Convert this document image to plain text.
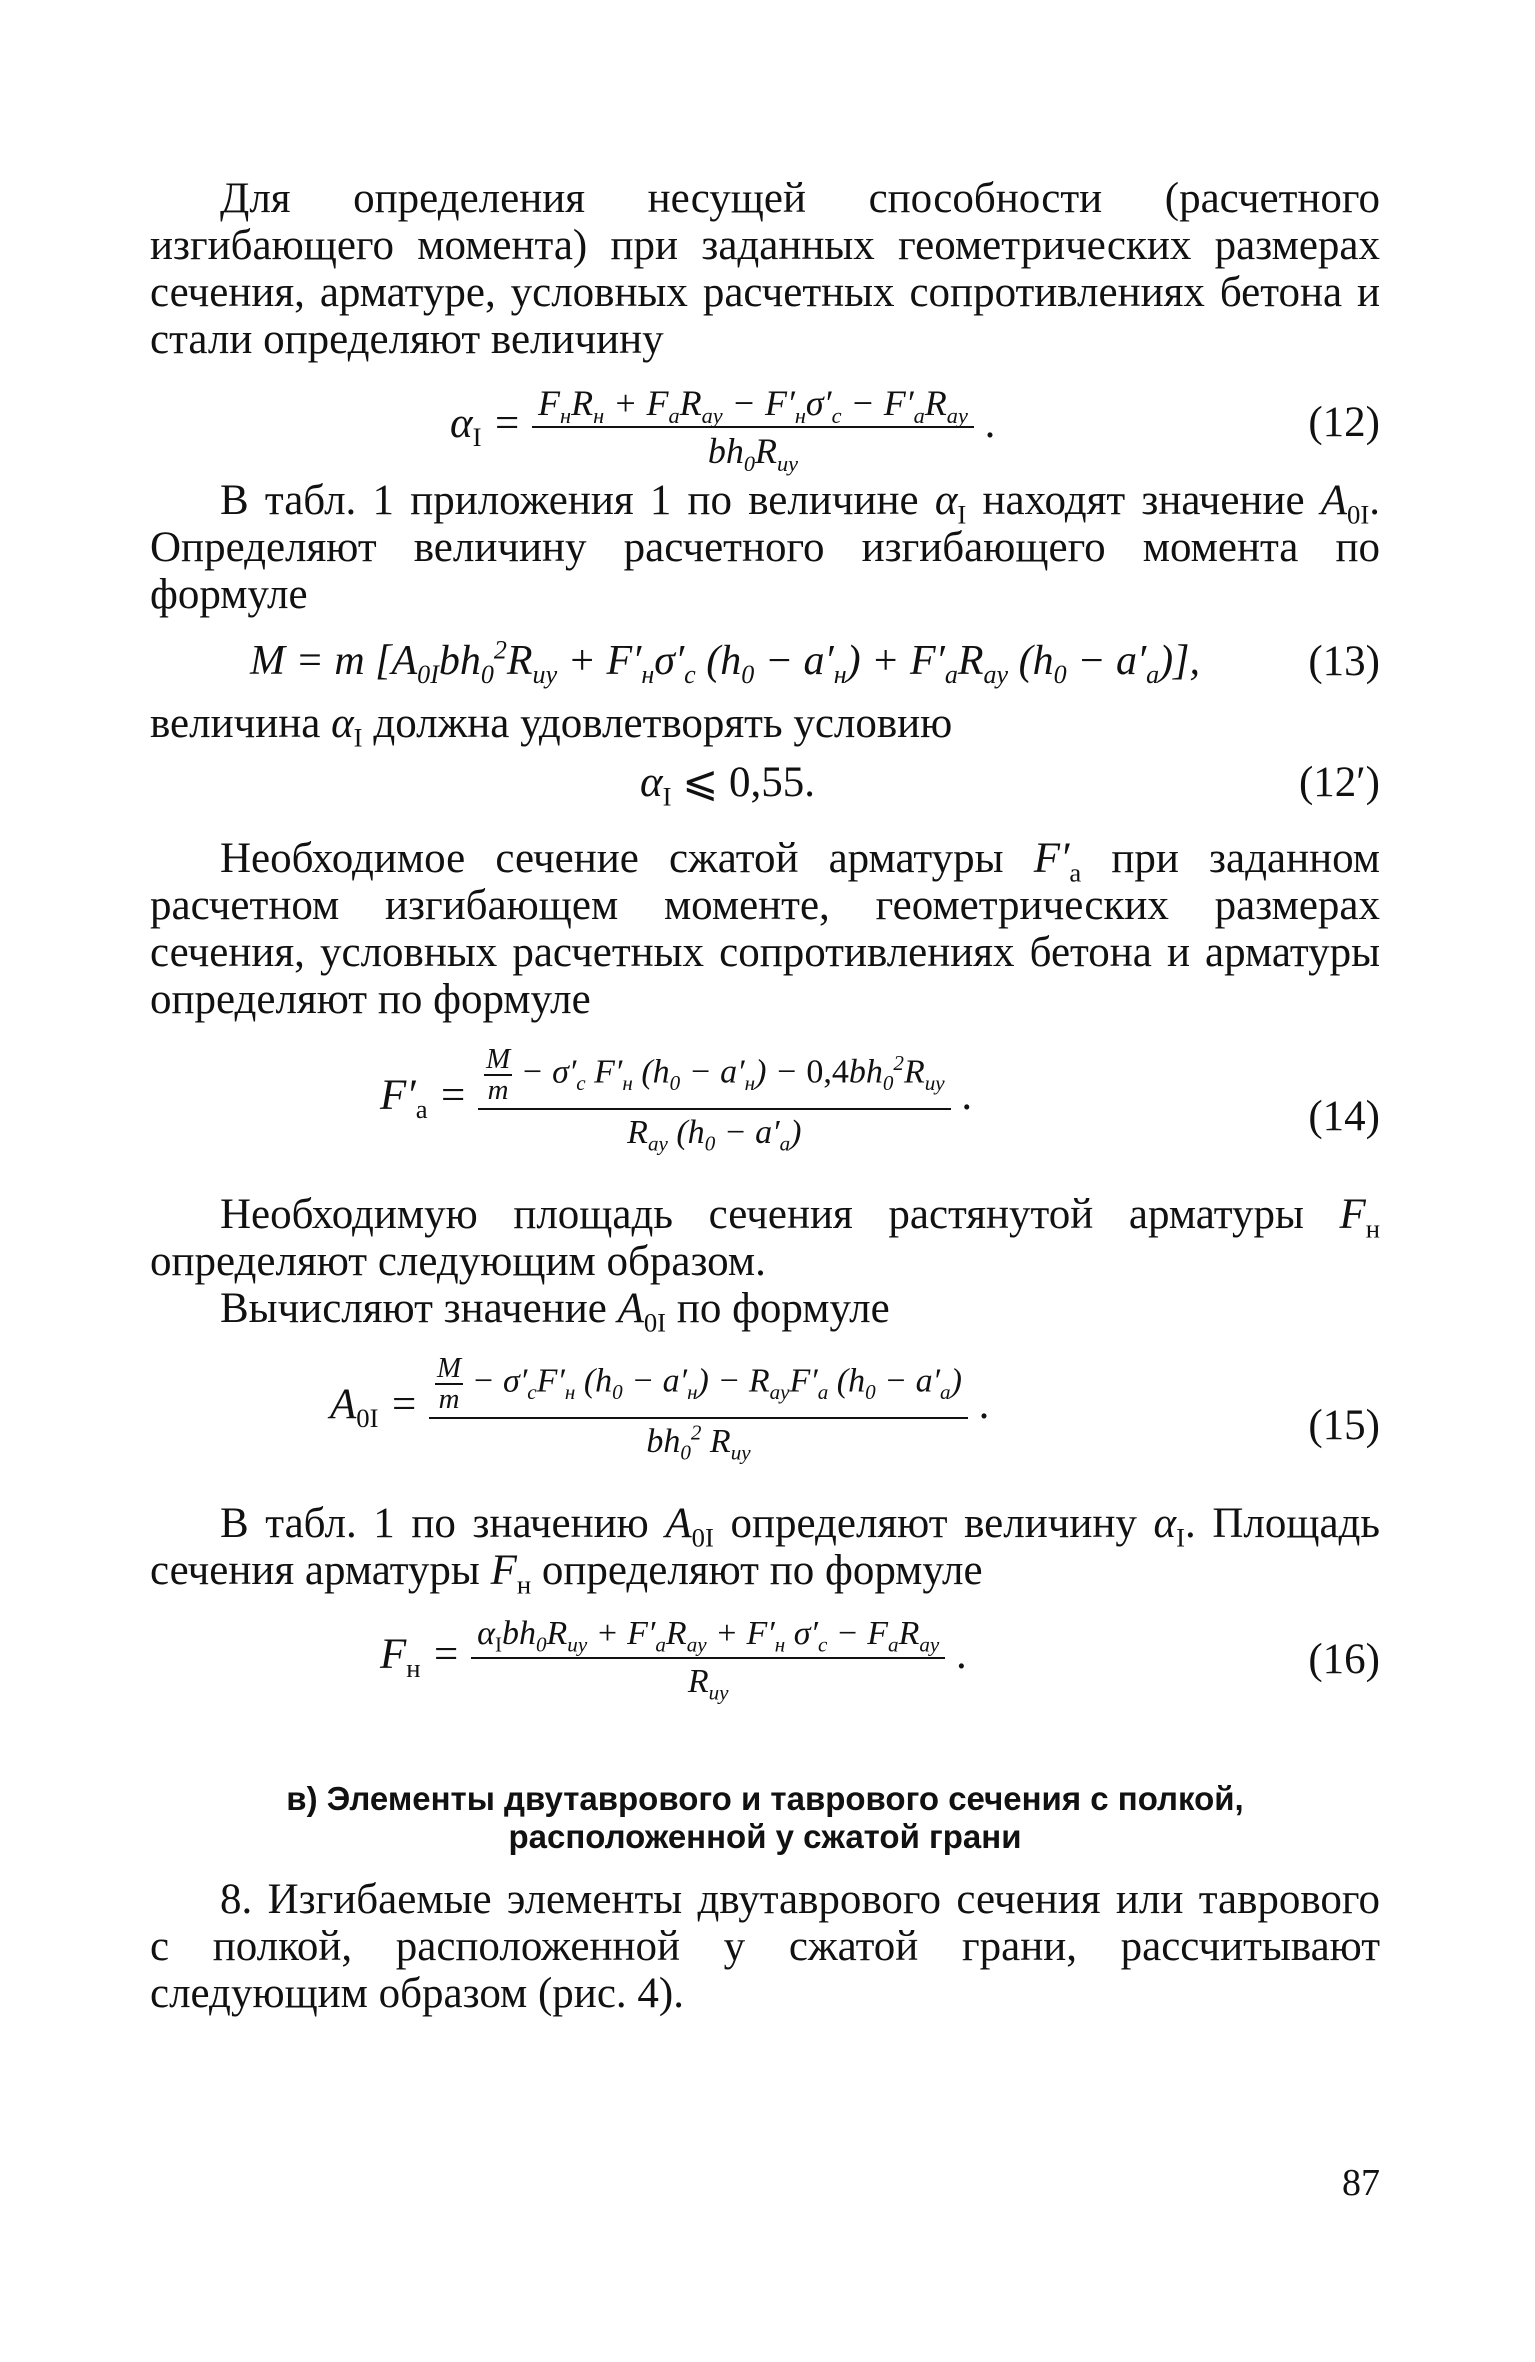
Для определения несущей способности (расчетного изгибающего момента) при заданных геометрических размерах сечения, арматуре, условных расчетных сопротивлениях бетона и стали определяют величину

$\alpha_I = \frac{F_нR_н + F_aR_{ay} - F'_н\sigma'_c - F'_aR_{ay}}{bh_0R_{иу}}$ .	(12)

В табл. 1 приложения 1 по величине $\alpha_I$ находят значение $A_{0I}$. Определяют величину расчетного изгибающего момента по формуле

M = m [$A_{0I}bh_0^2R_{иу} + F'_н\sigma'_c$ $(h_0 - a'_н) + F'_aR_{ay}$ $(h_0 - a'_a)$],	(13)

величина $\alpha_I$ должна удовлетворять условию

$\alpha_I$ ⩽ 0,55.	(12′)

Необходимое сечение сжатой арматуры $F'_a$ при заданном расчетном изгибающем моменте, геометрических размерах сечения, условных расчетных сопротивлениях бетона и арматуры определяют по формуле

$F'_a = \frac{\frac{M}{m} - \sigma'_c F'_н (h_0 - a'_н) - 0,4bh_0^2R_{иу}}{R_{ay} (h_0 - a'_a)}$ .	(14)

Необходимую площадь сечения растянутой арматуры $F_н$ определяют следующим образом.

Вычисляют значение $A_{0I}$ по формуле

$A_{0I} = \frac{\frac{M}{m} - \sigma'_cF'_н (h_0 - a'_н) - R_{ay}F'_a (h_0 - a'_a)}{bh_0^2 R_{иу}}$ .	(15)

В табл. 1 по значению $A_{0I}$ определяют величину $\alpha_I$. Площадь сечения арматуры $F_н$ определяют по формуле

$F_н = \frac{\alpha_Ibh_0R_{иу} + F'_aR_{ay} + F'_н \sigma'_c - F_aR_{ay}}{R_{иу}}$ .	(16)
в) Элементы двутаврового и таврового сечения с полкой, расположенной у сжатой грани

8. Изгибаемые элементы двутаврового сечения или таврового с полкой, расположенной у сжатой грани, рассчитывают следующим образом (рис. 4).

87
